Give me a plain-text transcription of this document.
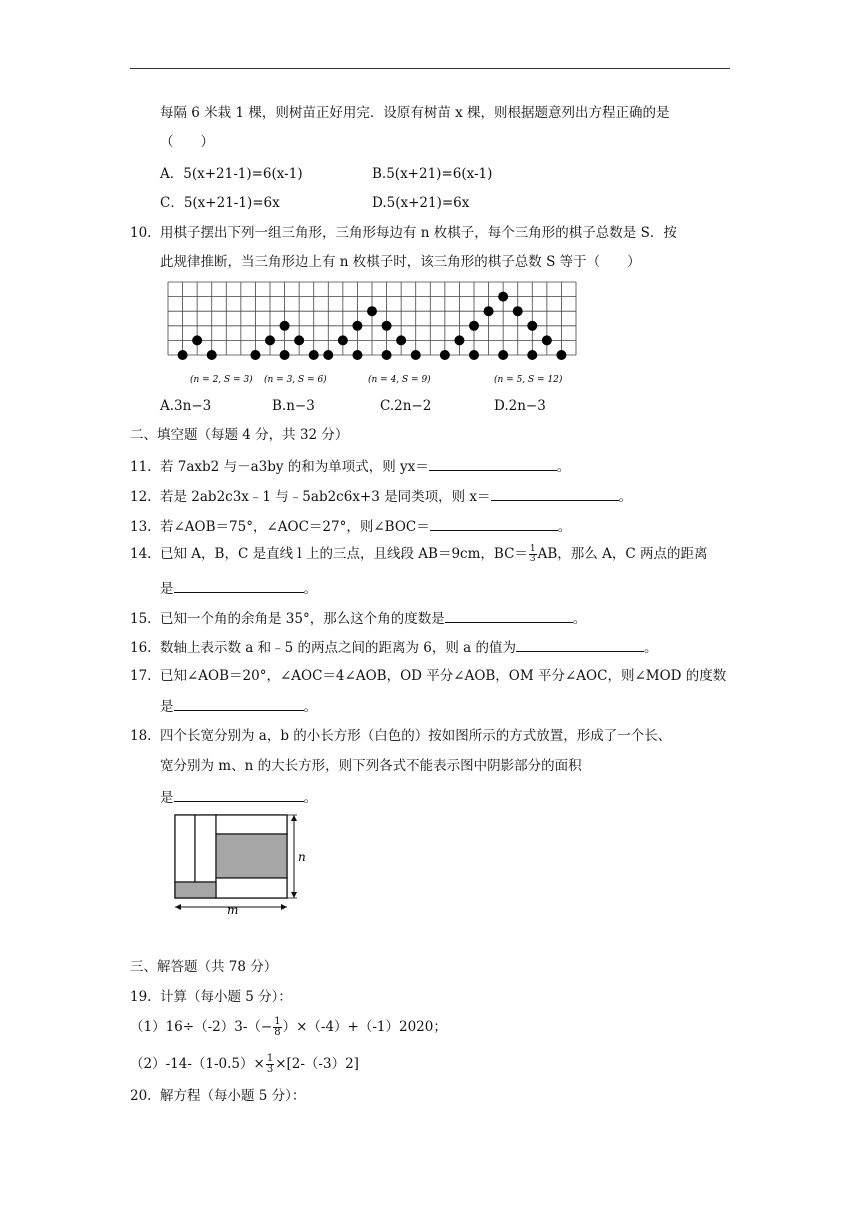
每隔 6 米栽 1 棵，则树苗正好用完．设原有树苗 x 棵，则根据题意列出方程正确的是
（　　）
A．5(x+21-1)=6(x-1)	B.5(x+21)=6(x-1)
C．5(x+21-1)=6x	D.5(x+21)=6x
10. 用棋子摆出下列一组三角形，三角形每边有 n 枚棋子，每个三角形的棋子总数是 S．按
此规律推断，当三角形边上有 n 枚棋子时，该三角形的棋子总数 S 等于（　　）
(n = 2, S = 3) (n = 3, S = 6)	(n = 4, S = 9)	(n = 5, S = 12)
A.3n−3	B.n−3	C.2n−2	D.2n−3
二、填空题（每题 4 分，共 32 分）
11. 若 7axb2 与－a3by 的和为单项式，则 yx＝	。
12. 若是 2ab2c3x﹣1 与﹣5ab2c6x+3 是同类项，则 x＝	。
13. 若∠AOB＝75°，∠AOC＝27°，则∠BOC＝	。
14. 已知 A，B，C 是直线 l 上的三点，且线段 AB＝9cm，$BC= \frac{1}{3}$ AB，那么 A，C 两点的距离
是	。
15. 已知一个角的余角是 35°，那么这个角的度数是	。
16. 数轴上表示数 a 和﹣5 的两点之间的距离为 6，则 a 的值为	。
17. 已知∠AOB＝20°，∠AOC＝4∠AOB，OD 平分∠AOB，OM 平分∠AOC，则∠MOD 的度数
是	。
18. 四个长宽分别为 a，b 的小长方形（白色的）按如图所示的方式放置，形成了一个长、
宽分别为 m、n 的大长方形，则下列各式不能表示图中阴影部分的面积
是	。
n
m
三、解答题（共 78 分）
19. 计算（每小题 5 分）：
$(1)16\div(-2)3-(- \frac{1}{8} )\times(-4)+(-1)2020$；
$(2)-14-(1-0.5)\times \frac{1}{3} \times[2-(-3)2]$
20. 解方程（每小题 5 分）：
